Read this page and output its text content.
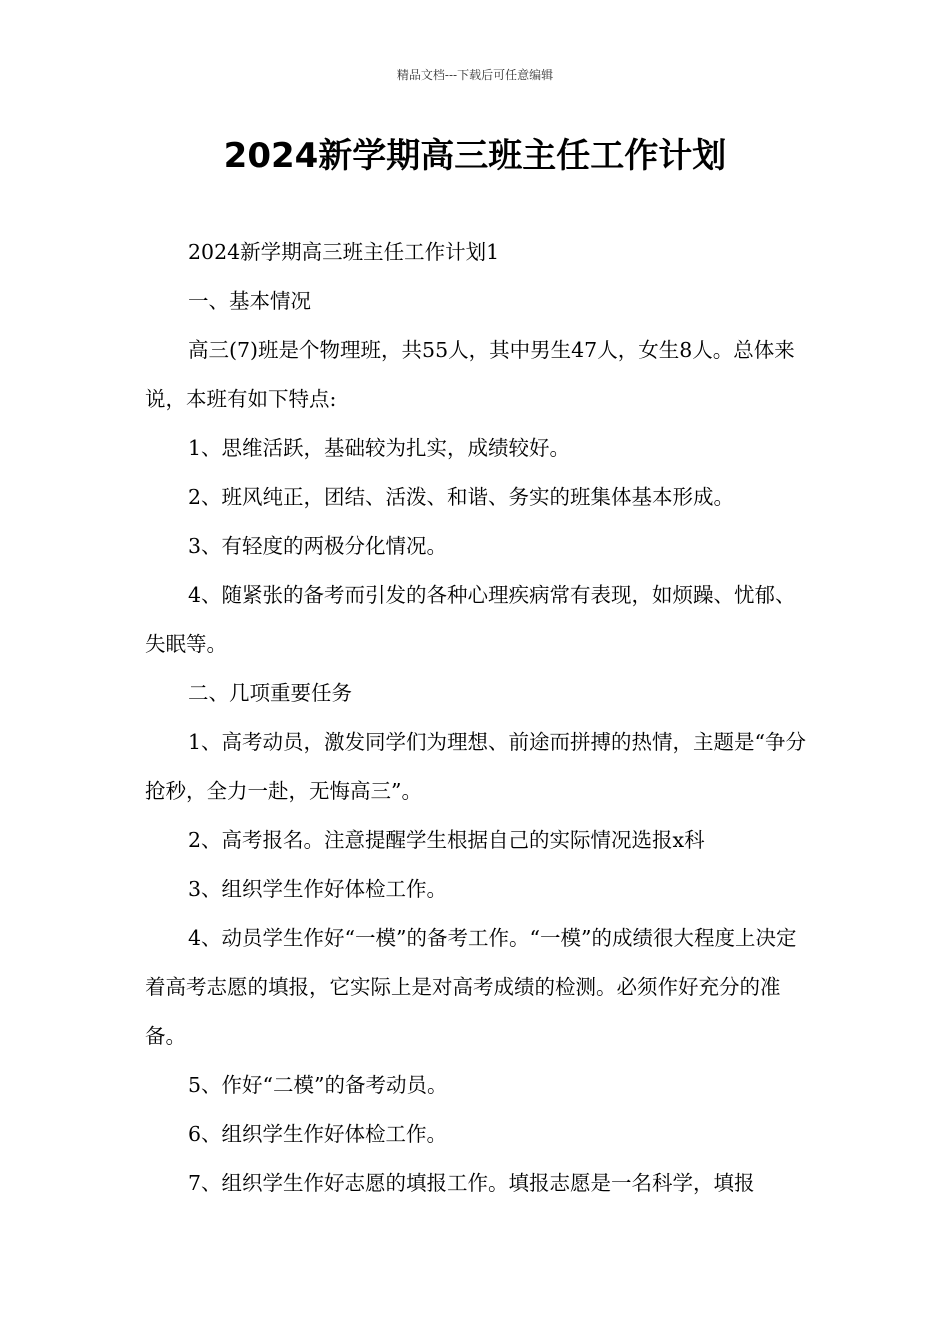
精品文档---下载后可任意编辑
2024新学期高三班主任工作计划

2024新学期高三班主任工作计划1

一、基本情况

高三(7)班是个物理班，共55人，其中男生47人，女生8人。总体来说，本班有如下特点:

1、思维活跃，基础较为扎实，成绩较好。

2、班风纯正，团结、活泼、和谐、务实的班集体基本形成。

3、有轻度的两极分化情况。

4、随紧张的备考而引发的各种心理疾病常有表现，如烦躁、忧郁、失眠等。

二、几项重要任务

1、高考动员，激发同学们为理想、前途而拼搏的热情，主题是“争分抢秒，全力一赴，无悔高三”。

2、高考报名。注意提醒学生根据自己的实际情况选报x科

3、组织学生作好体检工作。

4、动员学生作好“一模”的备考工作。“一模”的成绩很大程度上决定着高考志愿的填报，它实际上是对高考成绩的检测。必须作好充分的准备。

5、作好“二模”的备考动员。

6、组织学生作好体检工作。

7、组织学生作好志愿的填报工作。填报志愿是一名科学，填报
